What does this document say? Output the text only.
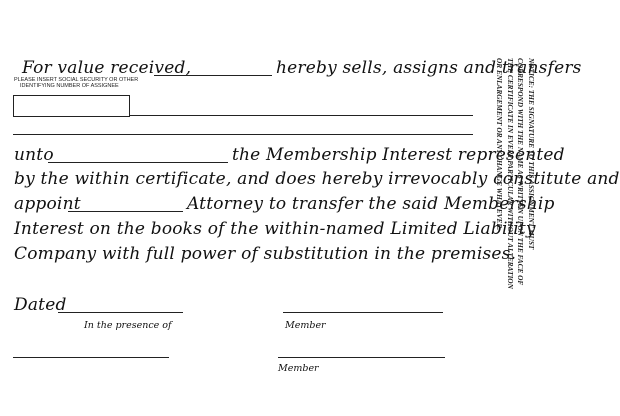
For value received,	hereby sells, assigns and transfers
PLEASE INSERT SOCIAL SECURITY OR OTHER
IDENTIFYING NUMBER OF ASSIGNEE
unto	the Membership Interest represented
by the within certificate, and does hereby irrevocably constitute and
appoint	Attorney to transfer the said Membership
Interest on the books of the within-named Limited Liability
Company with full power of substitution in the premises.
Dated
In the presence of	Member
Member
NOTICE: THE SIGNATURE TO THIS ASSIGNMENT MUST CORRESPOND WITH THE NAME AS WRITTEN UPON THE FACE OF THE CERTIFICATE IN EVERY PARTICULAR WITHOUT ALTERATION OR ENLARGEMENT OR ANY CHANGE WHATEVER.
